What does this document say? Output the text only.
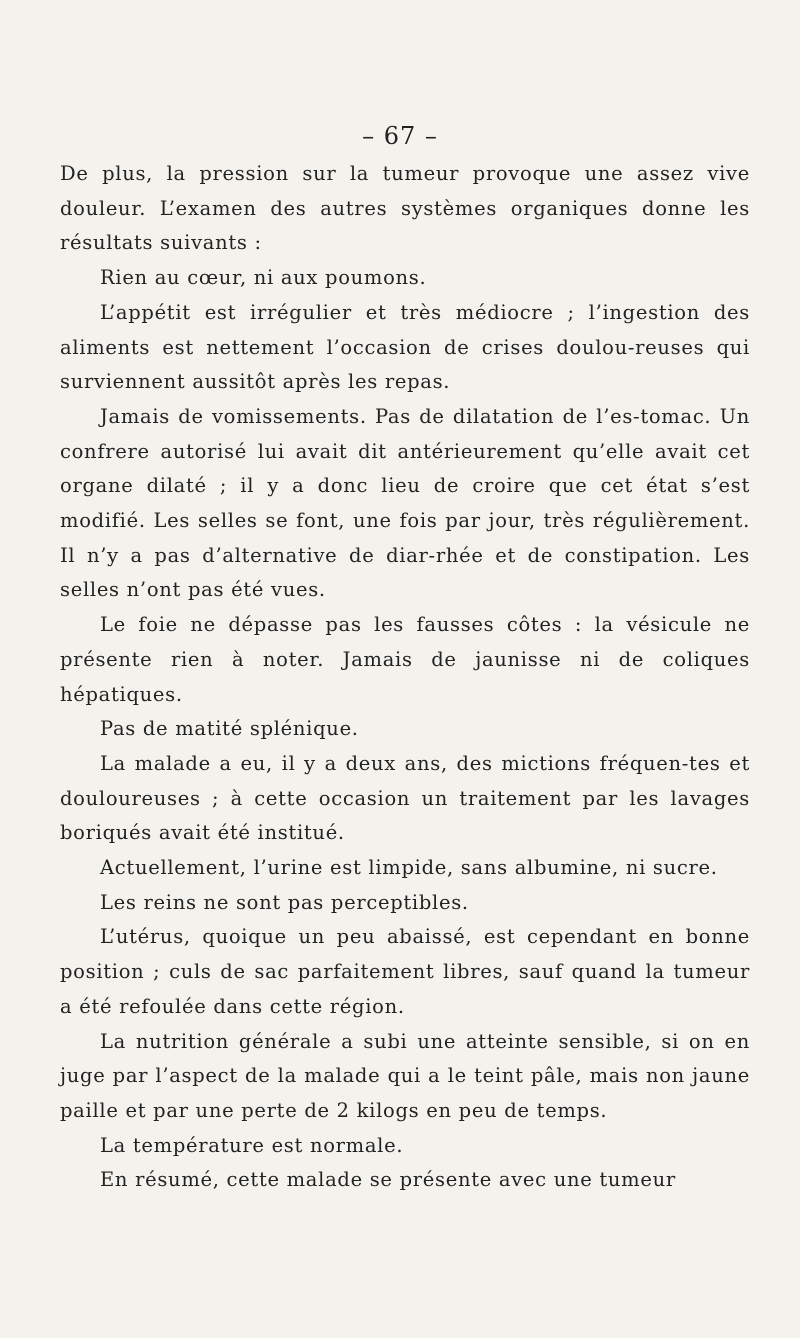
– 67 –

De plus, la pression sur la tumeur provoque une assez vive douleur. L’examen des autres systèmes organiques donne les résultats suivants :

Rien au cœur, ni aux poumons.

L’appétit est irrégulier et très médiocre ; l’ingestion des aliments est nettement l’occasion de crises doulou-reuses qui surviennent aussitôt après les repas.

Jamais de vomissements. Pas de dilatation de l’es-tomac. Un confrere autorisé lui avait dit antérieurement qu’elle avait cet organe dilaté ; il y a donc lieu de croire que cet état s’est modifié. Les selles se font, une fois par jour, très régulièrement. Il n’y a pas d’alternative de diar-rhée et de constipation. Les selles n’ont pas été vues.

Le foie ne dépasse pas les fausses côtes : la vésicule ne présente rien à noter. Jamais de jaunisse ni de coliques hépatiques.

Pas de matité splénique.

La malade a eu, il y a deux ans, des mictions fréquen-tes et douloureuses ; à cette occasion un traitement par les lavages boriqués avait été institué.

Actuellement, l’urine est limpide, sans albumine, ni sucre.

Les reins ne sont pas perceptibles.

L’utérus, quoique un peu abaissé, est cependant en bonne position ; culs de sac parfaitement libres, sauf quand la tumeur a été refoulée dans cette région.

La nutrition générale a subi une atteinte sensible, si on en juge par l’aspect de la malade qui a le teint pâle, mais non jaune paille et par une perte de 2 kilogs en peu de temps.

La température est normale.

En résumé, cette malade se présente avec une tumeur
